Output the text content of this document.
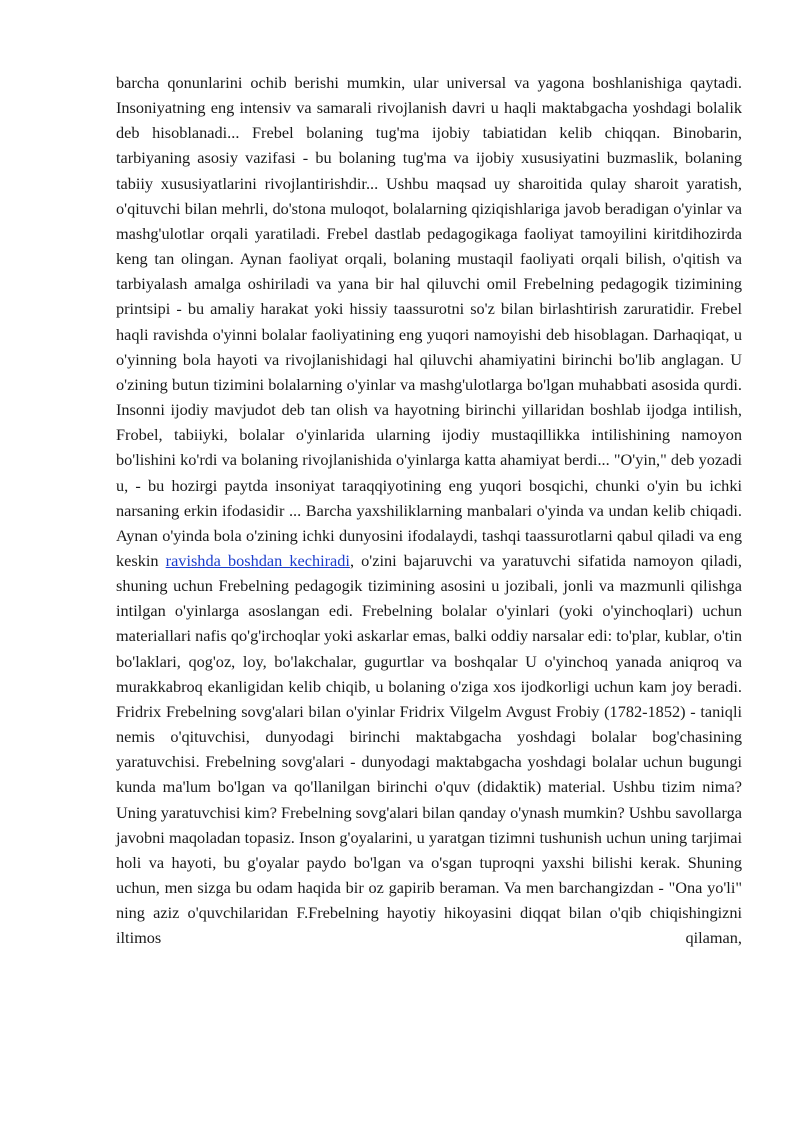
barcha qonunlarini ochib berishi mumkin, ular universal va yagona boshlanishiga qaytadi. Insoniyatning eng intensiv va samarali rivojlanish davri u haqli maktabgacha yoshdagi bolalik deb hisoblanadi... Frebel bolaning tug'ma ijobiy tabiatidan kelib chiqqan. Binobarin, tarbiyaning asosiy vazifasi - bu bolaning tug'ma va ijobiy xususiyatini buzmaslik, bolaning tabiiy xususiyatlarini rivojlantirishdir... Ushbu maqsad uy sharoitida qulay sharoit yaratish, o'qituvchi bilan mehrli, do'stona muloqot, bolalarning qiziqishlariga javob beradigan o'yinlar va mashg'ulotlar orqali yaratiladi. Frebel dastlab pedagogikaga faoliyat tamoyilini kiritdihozirda keng tan olingan. Aynan faoliyat orqali, bolaning mustaqil faoliyati orqali bilish, o'qitish va tarbiyalash amalga oshiriladi va yana bir hal qiluvchi omil Frebelning pedagogik tizimining printsipi - bu amaliy harakat yoki hissiy taassurotni so'z bilan birlashtirish zaruratidir. Frebel haqli ravishda o'yinni bolalar faoliyatining eng yuqori namoyishi deb hisoblagan. Darhaqiqat, u o'yinning bola hayoti va rivojlanishidagi hal qiluvchi ahamiyatini birinchi bo'lib anglagan. U o'zining butun tizimini bolalarning o'yinlar va mashg'ulotlarga bo'lgan muhabbati asosida qurdi. Insonni ijodiy mavjudot deb tan olish va hayotning birinchi yillaridan boshlab ijodga intilish, Frobel, tabiiyki, bolalar o'yinlarida ularning ijodiy mustaqillikka intilishining namoyon bo'lishini ko'rdi va bolaning rivojlanishida o'yinlarga katta ahamiyat berdi... "O'yin," deb yozadi u, - bu hozirgi paytda insoniyat taraqqiyotining eng yuqori bosqichi, chunki o'yin bu ichki narsaning erkin ifodasidir ... Barcha yaxshiliklarning manbalari o'yinda va undan kelib chiqadi. Aynan o'yinda bola o'zining ichki dunyosini ifodalaydi, tashqi taassurotlarni qabul qiladi va eng keskin ravishda boshdan kechiradi, o'zini bajaruvchi va yaratuvchi sifatida namoyon qiladi, shuning uchun Frebelning pedagogik tizimining asosini u jozibali, jonli va mazmunli qilishga intilgan o'yinlarga asoslangan edi. Frebelning bolalar o'yinlari (yoki o'yinchoqlari) uchun materiallari nafis qo'g'irchoqlar yoki askarlar emas, balki oddiy narsalar edi: to'plar, kublar, o'tin bo'laklari, qog'oz, loy, bo'lakchalar, gugurtlar va boshqalar U o'yinchoq yanada aniqroq va murakkabroq ekanligidan kelib chiqib, u bolaning o'ziga xos ijodkorligi uchun kam joy beradi. Fridrix Frebelning sovg'alari bilan o'yinlar Fridrix Vilgelm Avgust Frobiy (1782-1852) - taniqli nemis o'qituvchisi, dunyodagi birinchi maktabgacha yoshdagi bolalar bog'chasining yaratuvchisi. Frebelning sovg'alari - dunyodagi maktabgacha yoshdagi bolalar uchun bugungi kunda ma'lum bo'lgan va qo'llanilgan birinchi o'quv (didaktik) material. Ushbu tizim nima? Uning yaratuvchisi kim? Frebelning sovg'alari bilan qanday o'ynash mumkin? Ushbu savollarga javobni maqoladan topasiz. Inson g'oyalarini, u yaratgan tizimni tushunish uchun uning tarjimai holi va hayoti, bu g'oyalar paydo bo'lgan va o'sgan tuproqni yaxshi bilishi kerak. Shuning uchun, men sizga bu odam haqida bir oz gapirib beraman. Va men barchangizdan - "Ona yo'li" ning aziz o'quvchilaridan F.Frebelning hayotiy hikoyasini diqqat bilan o'qib chiqishingizni iltimos qilaman,
